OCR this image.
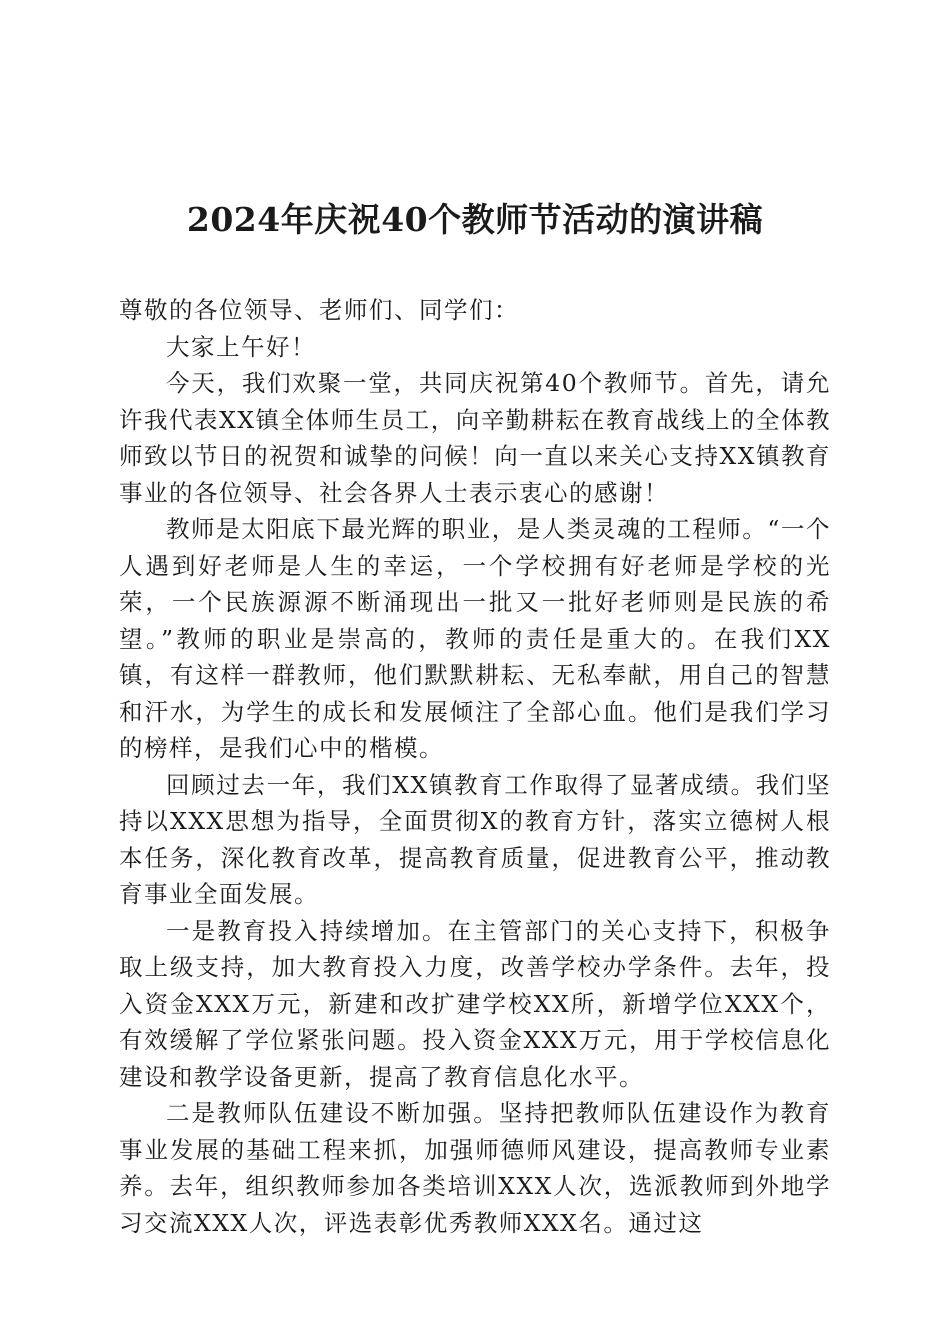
2024年庆祝40个教师节活动的演讲稿

尊敬的各位领导、老师们、同学们：

大家上午好！

今天，我们欢聚一堂，共同庆祝第40个教师节。首先，请允许我代表XX镇全体师生员工，向辛勤耕耘在教育战线上的全体教师致以节日的祝贺和诚挚的问候！向一直以来关心支持XX镇教育事业的各位领导、社会各界人士表示衷心的感谢！

教师是太阳底下最光辉的职业，是人类灵魂的工程师。“一个人遇到好老师是人生的幸运，一个学校拥有好老师是学校的光荣，一个民族源源不断涌现出一批又一批好老师则是民族的希望。”教师的职业是崇高的，教师的责任是重大的。在我们XX镇，有这样一群教师，他们默默耕耘、无私奉献，用自己的智慧和汗水，为学生的成长和发展倾注了全部心血。他们是我们学习的榜样，是我们心中的楷模。

回顾过去一年，我们XX镇教育工作取得了显著成绩。我们坚持以XXX思想为指导，全面贯彻X的教育方针，落实立德树人根本任务，深化教育改革，提高教育质量，促进教育公平，推动教育事业全面发展。

一是教育投入持续增加。在主管部门的关心支持下，积极争取上级支持，加大教育投入力度，改善学校办学条件。去年，投入资金XXX万元，新建和改扩建学校XX所，新增学位XXX个，有效缓解了学位紧张问题。投入资金XXX万元，用于学校信息化建设和教学设备更新，提高了教育信息化水平。

二是教师队伍建设不断加强。坚持把教师队伍建设作为教育事业发展的基础工程来抓，加强师德师风建设，提高教师专业素养。去年，组织教师参加各类培训XXX人次，选派教师到外地学习交流XXX人次，评选表彰优秀教师XXX名。通过这
